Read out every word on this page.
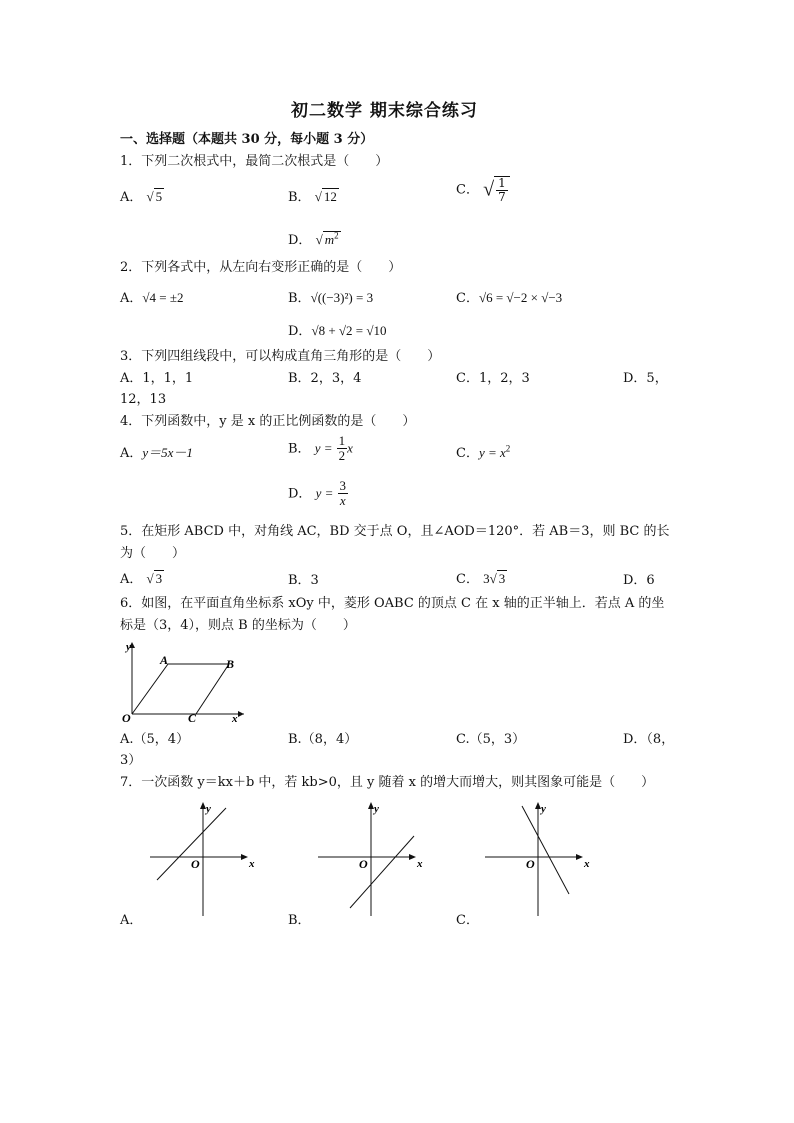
初二数学 期末综合练习
一、选择题（本题共 30 分，每小题 3 分）
1．下列二次根式中，最简二次根式是（　　）
A． √ 5	B． √ 12	C． √ $\frac{1}{7}$
D． √ $m^2$
2．下列各式中，从左向右变形正确的是（　　）
A．√4 = ±2	B．√((−3)²) = 3	C．√6 = √−2 × √−3
D．√8 + √2 = √10
3．下列四组线段中，可以构成直角三角形的是（　　）
A．1，1，1	B．2，3，4	C．1，2，3	D．5，
12，13
4．下列函数中，y 是 x 的正比例函数的是（　　）
A．y＝5x－1	B． $y = \frac{1}{2}$ x	C．$y = x^2$
D． $y = \frac{3}{x}$
5．在矩形 ABCD 中，对角线 AC，BD 交于点 O，且∠AOD＝120°．若 AB＝3，则 BC 的长
为（　　）
A． √ 3	B．3	C． 3√ 3	D．6
6．如图，在平面直角坐标系 xOy 中，菱形 OABC 的顶点 C 在 x 轴的正半轴上．若点 A 的坐
标是（3，4），则点 B 的坐标为（　　）
y
x
O
A	B
C
A.（5，4）	B.（8，4）	C.（5，3）	D．（8，
3）
7．一次函数 y＝kx＋b 中，若 kb>0，且 y 随着 x 的增大而增大，则其图象可能是（　　）
y
x
O
A．
y
x
O
B．
y
x
O
C．
